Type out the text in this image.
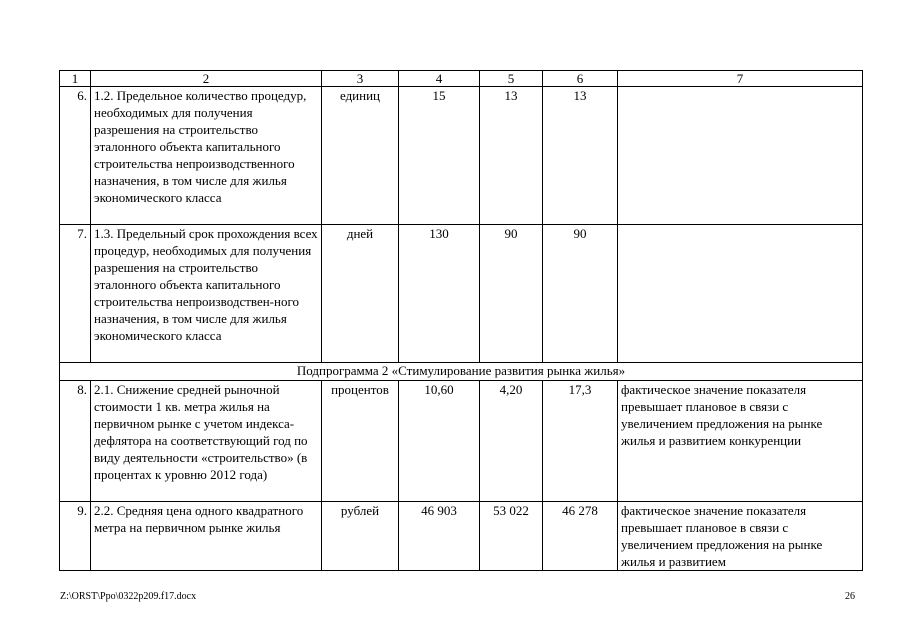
1	2	3	4	5	6	7
6.	1.2. Предельное количество процедур, необходимых для получения разрешения на строительство эталонного объекта капитального строительства непроизводственного назначения, в том числе для жилья экономического класса	единиц	15	13	13	
7.	1.3. Предельный срок прохождения всех процедур, необходимых для получения разрешения на строительство эталонного объекта капитального строительства непроизводствен-ного назначения, в том числе для жилья экономического класса	дней	130	90	90	
Подпрограмма 2 «Стимулирование развития рынка жилья»						
8.	2.1. Снижение средней рыночной стоимости 1 кв. метра жилья на первичном рынке с учетом индекса-дефлятора на соответствующий год по виду деятельности «строительство» (в процентах к уровню 2012 года)	процентов	10,60	4,20	17,3	фактическое значение показателя превышает плановое в связи с увеличением предложения на рынке жилья и развитием конкуренции
9.	2.2. Средняя цена одного квадратного метра на первичном рынке жилья	рублей	46 903	53 022	46 278	фактическое значение показателя превышает плановое в связи с увеличением предложения на рынке жилья и развитием
Z:\ORST\Ppo\0322p209.f17.docx	26
